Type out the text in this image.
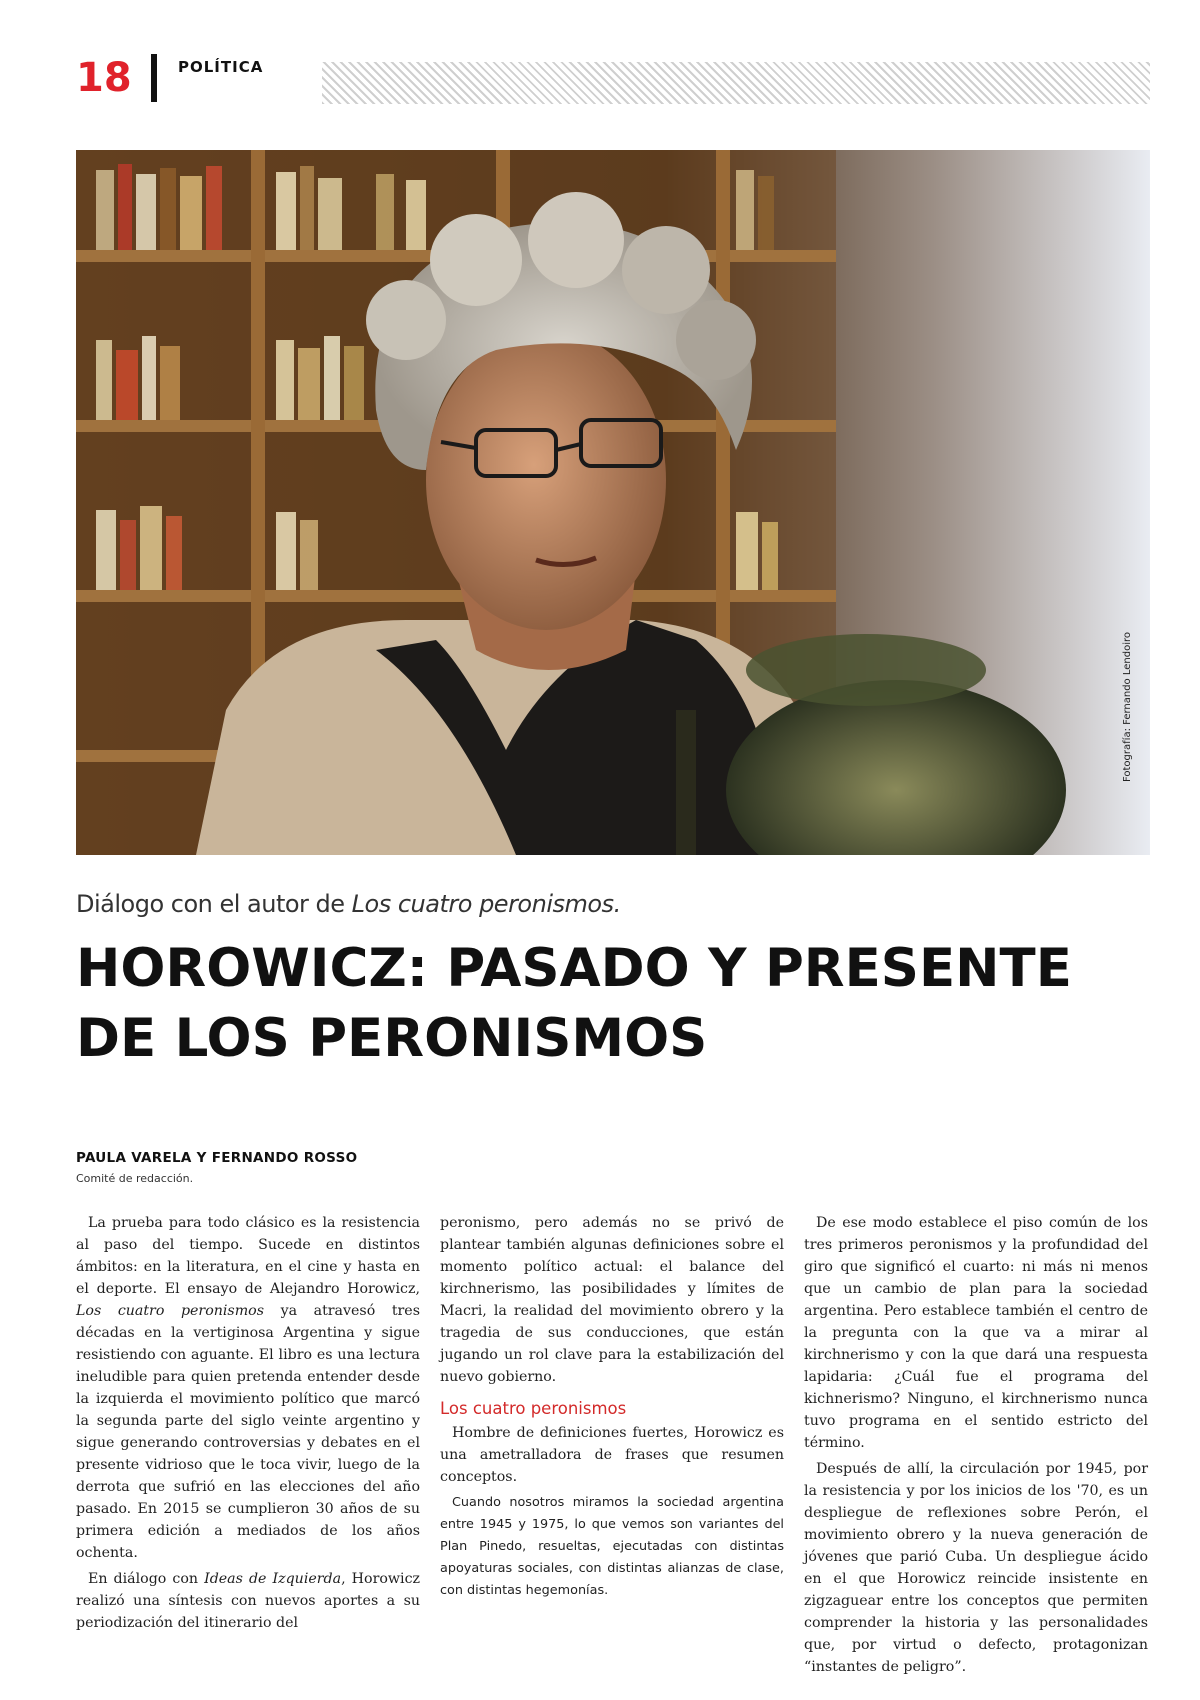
18	POLÍTICA
Fotografía: Fernando Lendoiro
Diálogo con el autor de Los cuatro peronismos.
HOROWICZ: PASADO Y PRESENTE
DE LOS PERONISMOS
PAULA VARELA Y FERNANDO ROSSO
Comité de redacción.

La prueba para todo clásico es la resistencia al paso del tiempo. Sucede en distintos ámbitos: en la literatura, en el cine y hasta en el deporte. El ensayo de Alejandro Horowicz, Los cuatro peronismos ya atravesó tres décadas en la vertiginosa Argentina y sigue resistiendo con aguante. El libro es una lectura ineludible para quien pretenda entender desde la izquierda el movimiento político que marcó la segunda parte del siglo veinte argentino y sigue generando controversias y debates en el presente vidrioso que le toca vivir, luego de la derrota que sufrió en las elecciones del año pasado. En 2015 se cumplieron 30 años de su primera edición a mediados de los años ochenta.

En diálogo con Ideas de Izquierda, Horowicz realizó una síntesis con nuevos aportes a su periodización del itinerario del

peronismo, pero además no se privó de plantear también algunas definiciones sobre el momento político actual: el balance del kirchnerismo, las posibilidades y límites de Macri, la realidad del movimiento obrero y la tragedia de sus conducciones, que están jugando un rol clave para la estabilización del nuevo gobierno.

Los cuatro peronismos

Hombre de definiciones fuertes, Horowicz es una ametralladora de frases que resumen conceptos.

Cuando nosotros miramos la sociedad argentina entre 1945 y 1975, lo que vemos son variantes del Plan Pinedo, resueltas, ejecutadas con distintas apoyaturas sociales, con distintas alianzas de clase, con distintas hegemonías.

De ese modo establece el piso común de los tres primeros peronismos y la profundidad del giro que significó el cuarto: ni más ni menos que un cambio de plan para la sociedad argentina. Pero establece también el centro de la pregunta con la que va a mirar al kirchnerismo y con la que dará una respuesta lapidaria: ¿Cuál fue el programa del kichnerismo? Ninguno, el kirchnerismo nunca tuvo programa en el sentido estricto del término.

Después de allí, la circulación por 1945, por la resistencia y por los inicios de los '70, es un despliegue de reflexiones sobre Perón, el movimiento obrero y la nueva generación de jóvenes que parió Cuba. Un despliegue ácido en el que Horowicz reincide insistente en zigzaguear entre los conceptos que permiten comprender la historia y las personalidades que, por virtud o defecto, protagonizan “instantes de peligro”.
